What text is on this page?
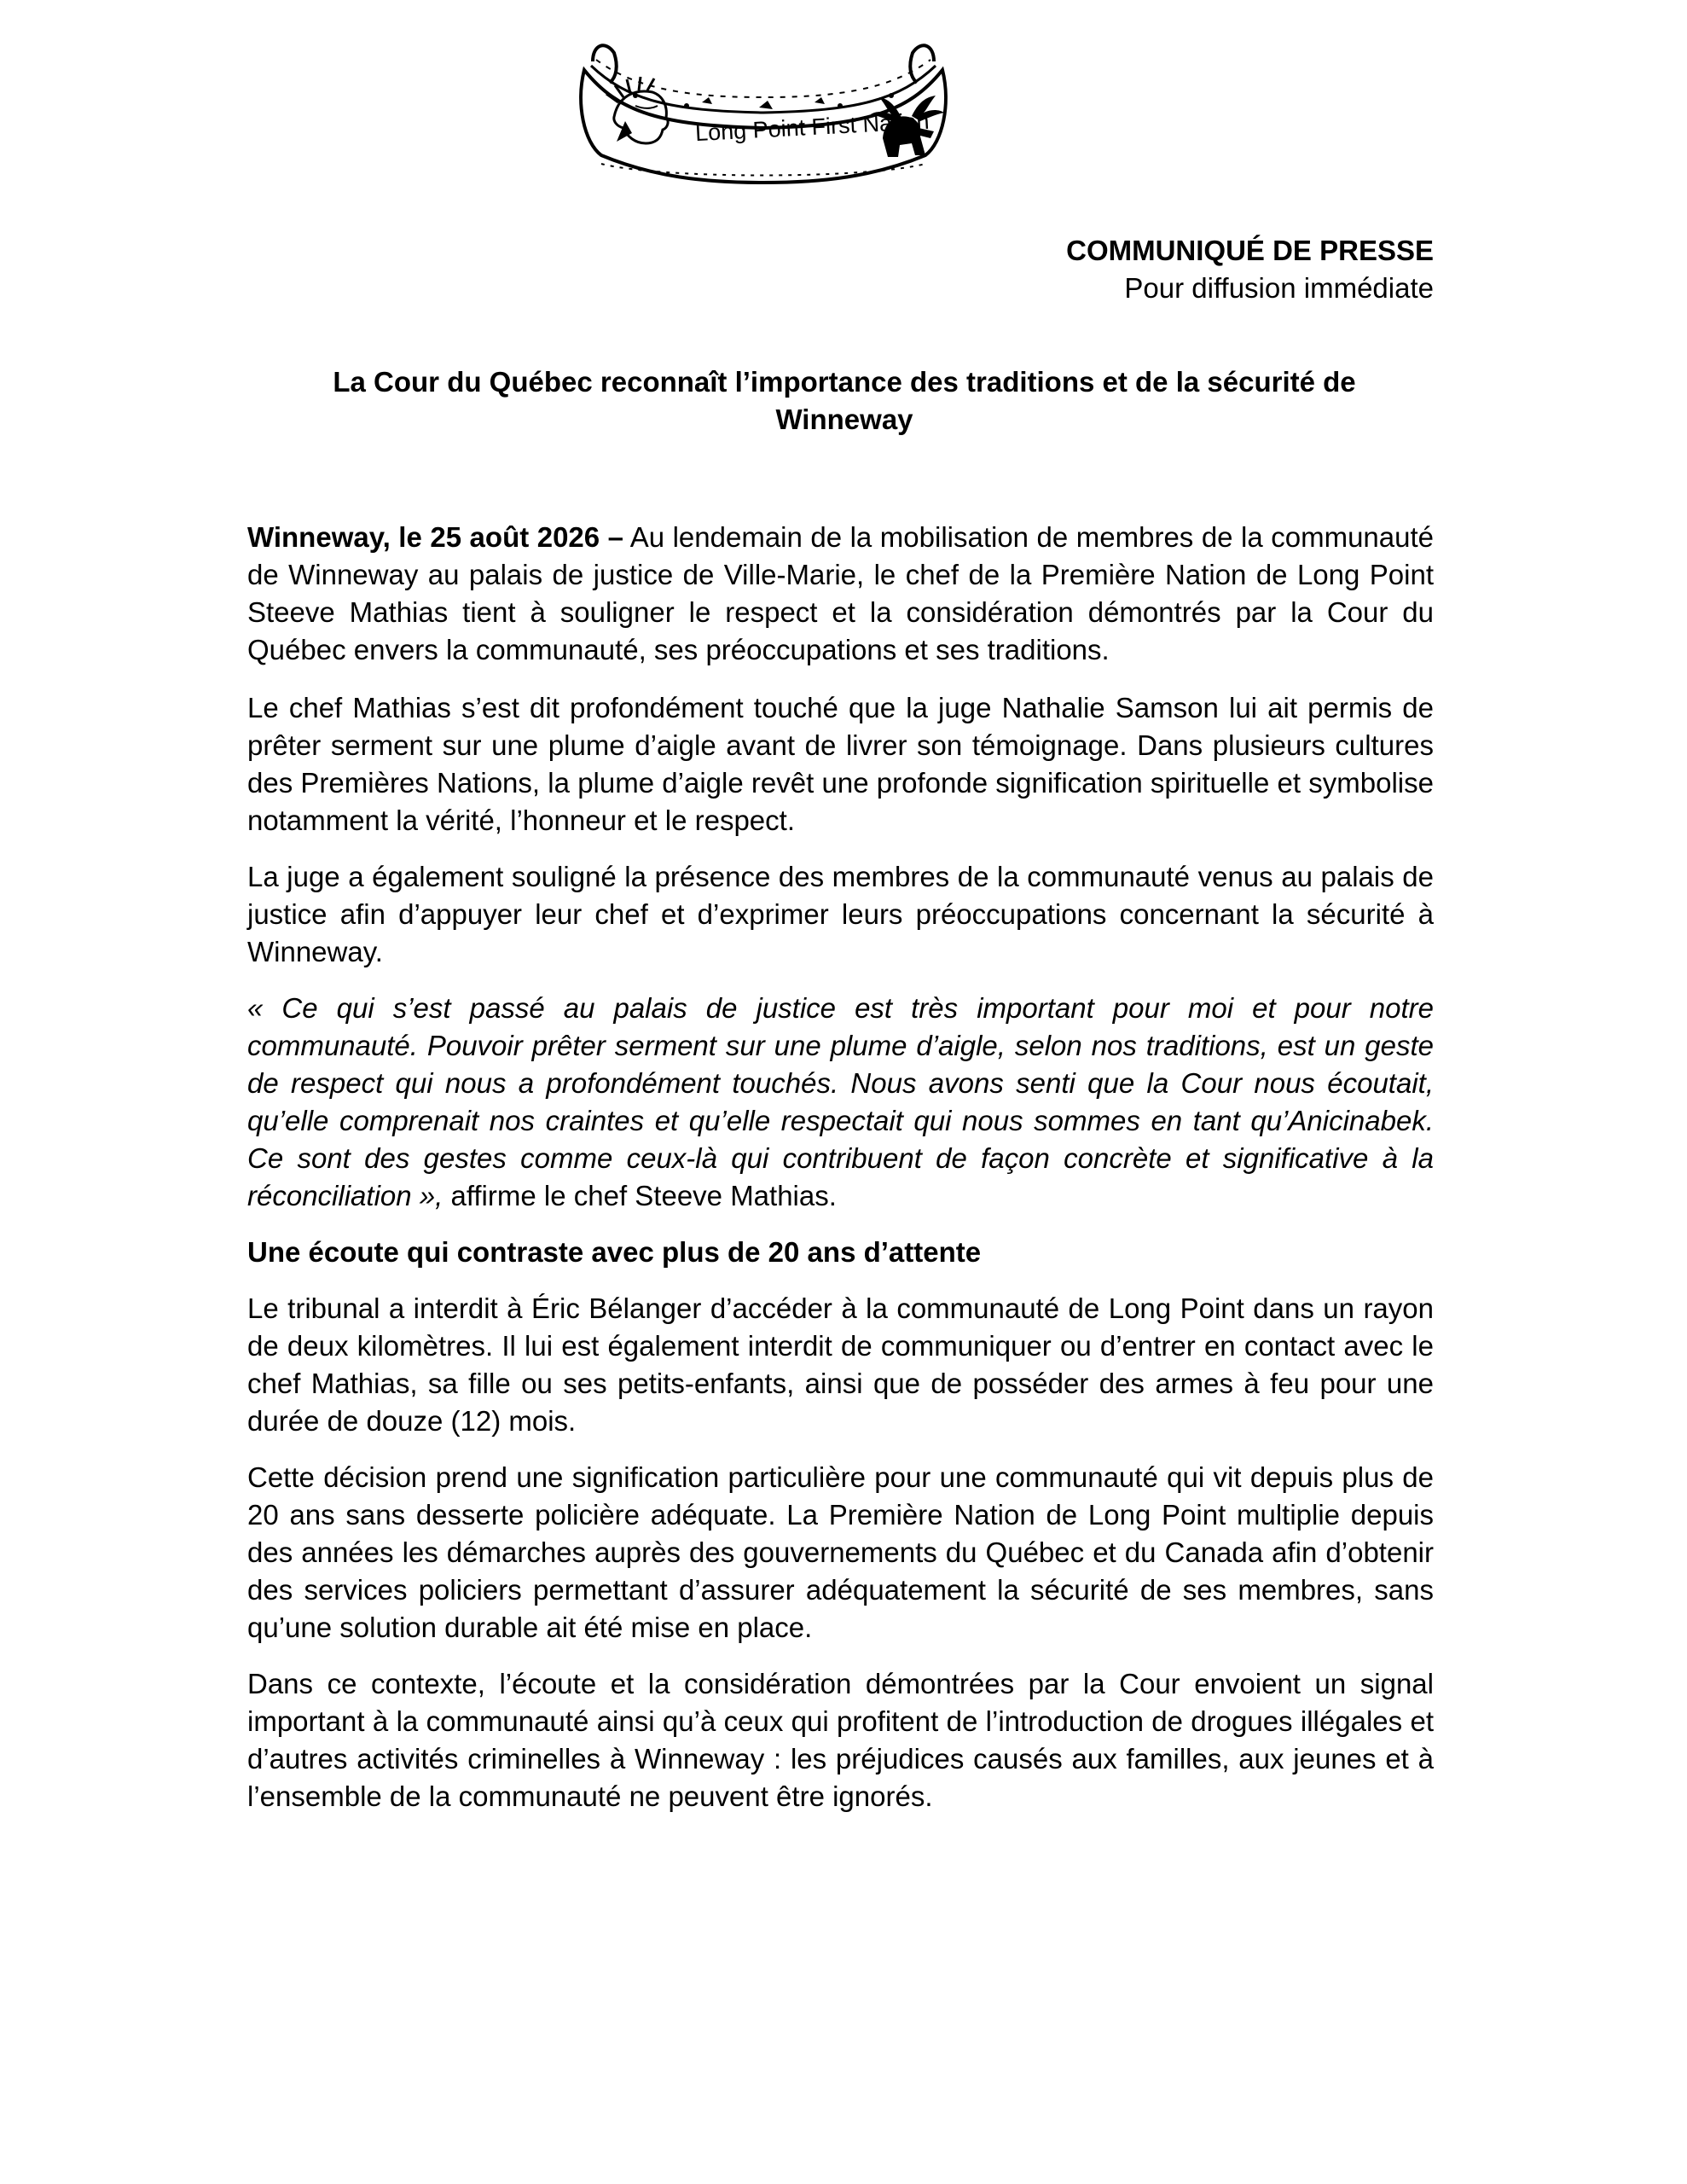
Long Point First Nation
COMMUNIQUÉ DE PRESSE
Pour diffusion immédiate
La Cour du Québec reconnaît l’importance des traditions et de la sécurité de
Winneway

Winneway, le 25 août 2026 – Au lendemain de la mobilisation de membres de la communauté de Winneway au palais de justice de Ville-Marie, le chef de la Première Nation de Long Point Steeve Mathias tient à souligner le respect et la considération démontrés par la Cour du Québec envers la communauté, ses préoccupations et ses traditions.

Le chef Mathias s’est dit profondément touché que la juge Nathalie Samson lui ait permis de prêter serment sur une plume d’aigle avant de livrer son témoignage. Dans plusieurs cultures des Premières Nations, la plume d’aigle revêt une profonde signification spirituelle et symbolise notamment la vérité, l’honneur et le respect.

La juge a également souligné la présence des membres de la communauté venus au palais de justice afin d’appuyer leur chef et d’exprimer leurs préoccupations concernant la sécurité à Winneway.

« Ce qui s’est passé au palais de justice est très important pour moi et pour notre communauté. Pouvoir prêter serment sur une plume d’aigle, selon nos traditions, est un geste de respect qui nous a profondément touchés. Nous avons senti que la Cour nous écoutait, qu’elle comprenait nos craintes et qu’elle respectait qui nous sommes en tant qu’Anicinabek. Ce sont des gestes comme ceux-là qui contribuent de façon concrète et significative à la réconciliation », affirme le chef Steeve Mathias.

Une écoute qui contraste avec plus de 20 ans d’attente

Le tribunal a interdit à Éric Bélanger d’accéder à la communauté de Long Point dans un rayon de deux kilomètres. Il lui est également interdit de communiquer ou d’entrer en contact avec le chef Mathias, sa fille ou ses petits-enfants, ainsi que de posséder des armes à feu pour une durée de douze (12) mois.

Cette décision prend une signification particulière pour une communauté qui vit depuis plus de 20 ans sans desserte policière adéquate. La Première Nation de Long Point multiplie depuis des années les démarches auprès des gouvernements du Québec et du Canada afin d’obtenir des services policiers permettant d’assurer adéquatement la sécurité de ses membres, sans qu’une solution durable ait été mise en place.

Dans ce contexte, l’écoute et la considération démontrées par la Cour envoient un signal important à la communauté ainsi qu’à ceux qui profitent de l’introduction de drogues illégales et d’autres activités criminelles à Winneway : les préjudices causés aux familles, aux jeunes et à l’ensemble de la communauté ne peuvent être ignorés.
